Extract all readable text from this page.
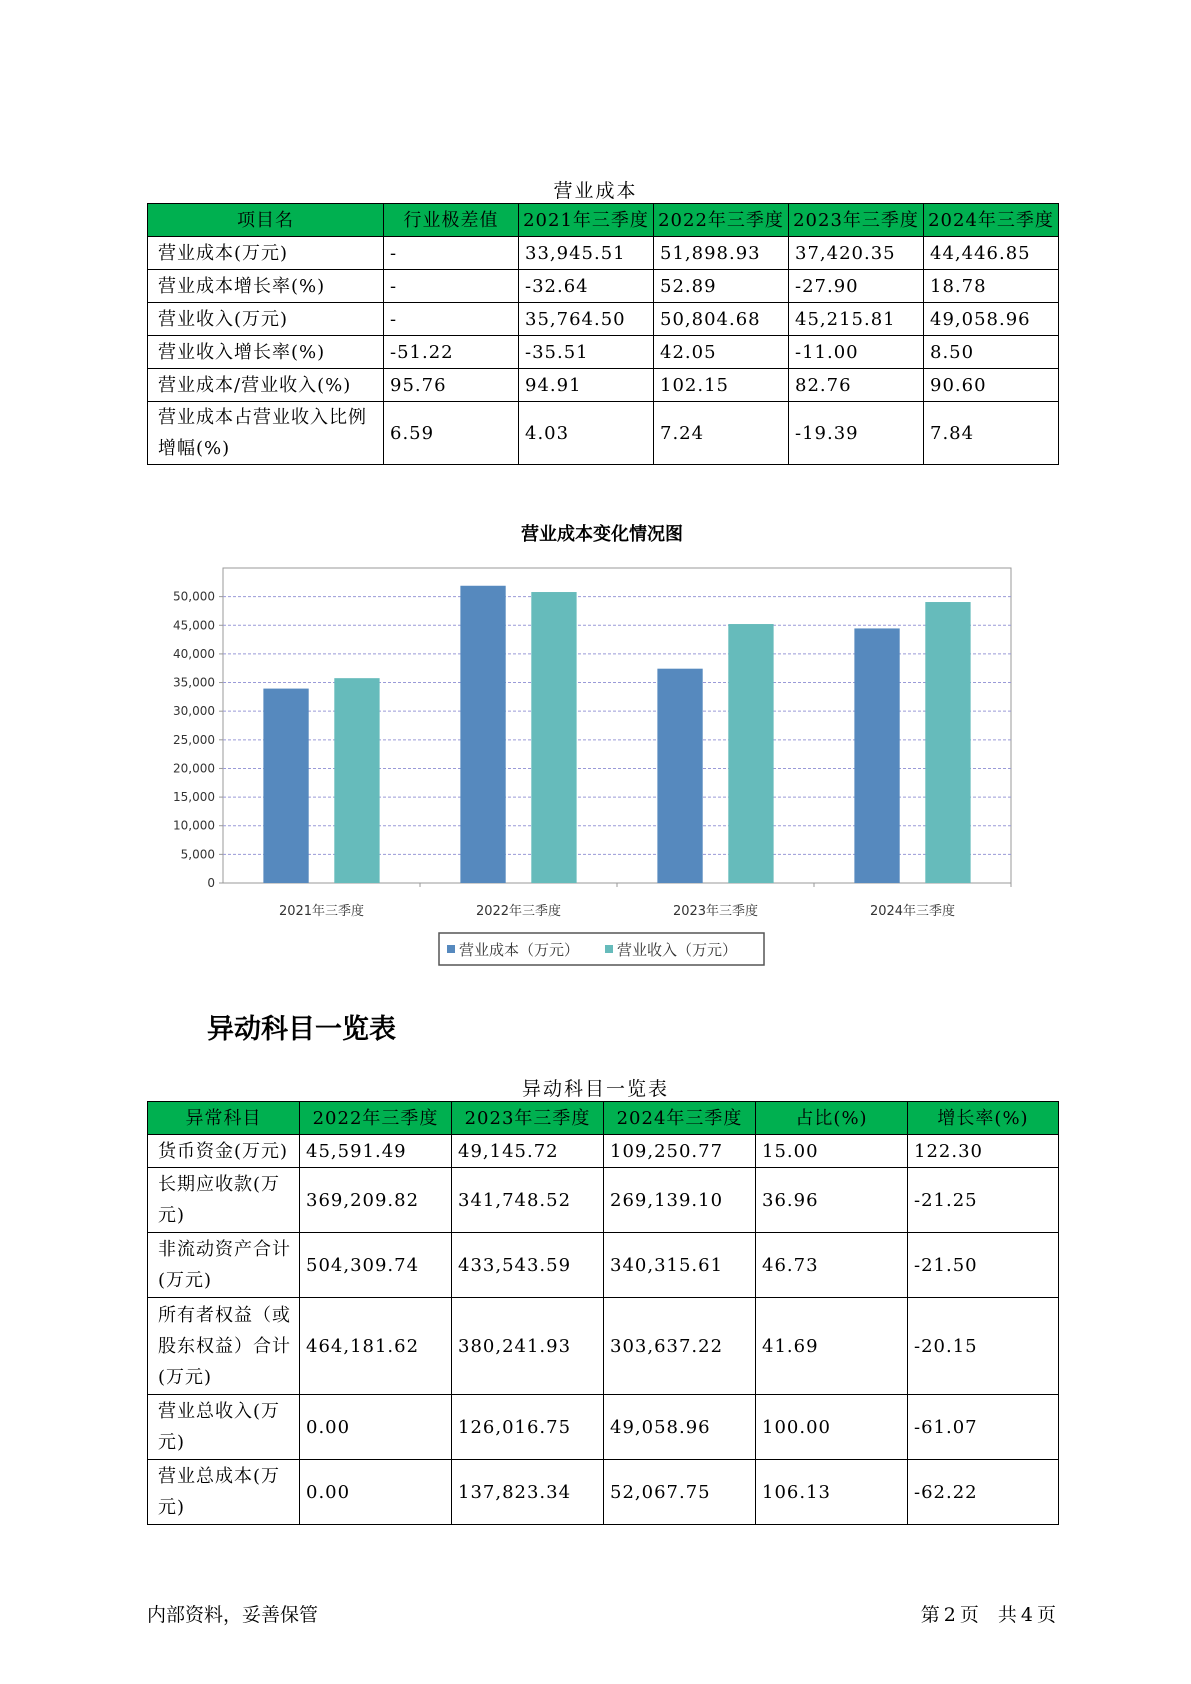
营业成本
项目名	行业极差值	2021年三季度	2022年三季度	2023年三季度	2024年三季度
营业成本(万元)	-	33,945.51	51,898.93	37,420.35	44,446.85
营业成本增长率(%)	-	-32.64	52.89	-27.90	18.78
营业收入(万元)	-	35,764.50	50,804.68	45,215.81	49,058.96
营业收入增长率(%)	-51.22	-35.51	42.05	-11.00	8.50
营业成本/营业收入(%)	95.76	94.91	102.15	82.76	90.60
营业成本占营业收入比例增幅(%)	6.59	4.03	7.24	-19.39	7.84
营业成本变化情况图
0
5,000
10,000
15,000
20,000
25,000
30,000
35,000
40,000
45,000
50,000
2021年三季度	2022年三季度	2023年三季度	2024年三季度
营业成本（万元）	营业收入（万元）
异动科目一览表
异动科目一览表
异常科目	2022年三季度	2023年三季度	2024年三季度	占比(%)	增长率(%)
货币资金(万元)	45,591.49	49,145.72	109,250.77	15.00	122.30
长期应收款(万元)	369,209.82	341,748.52	269,139.10	36.96	-21.25
非流动资产合计(万元)	504,309.74	433,543.59	340,315.61	46.73	-21.50
所有者权益（或股东权益）合计(万元)	464,181.62	380,241.93	303,637.22	41.69	-20.15
营业总收入(万元)	0.00	126,016.75	49,058.96	100.00	-61.07
营业总成本(万元)	0.00	137,823.34	52,067.75	106.13	-62.22
内部资料，妥善保管	第 2 页　共 4 页
